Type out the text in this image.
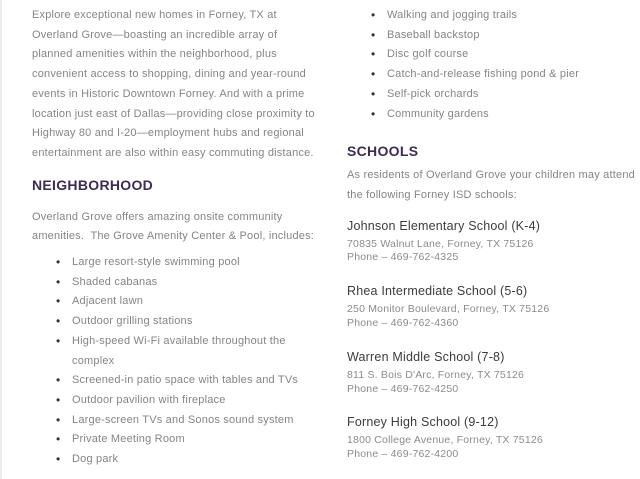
Explore exceptional new homes in Forney, TX at Overland Grove—boasting an incredible array of planned amenities within the neighborhood, plus convenient access to shopping, dining and year-round events in Historic Downtown Forney. And with a prime location just east of Dallas—providing close proximity to Highway 80 and I-20—employment hubs and regional entertainment are also within easy commuting distance.

NEIGHBORHOOD

Overland Grove offers amazing onsite community amenities.  The Grove Amenity Center & Pool, includes:

• Large resort-style swimming pool
• Shaded cabanas
• Adjacent lawn
• Outdoor grilling stations
• High-speed Wi-Fi available throughout the complex
• Screened-in patio space with tables and TVs
• Outdoor pavilion with fireplace
• Large-screen TVs and Sonos sound system
• Private Meeting Room
• Dog park
• Walking and jogging trails
• Baseball backstop
• Disc golf course
• Catch-and-release fishing pond & pier
• Self-pick orchards
• Community gardens
SCHOOLS

As residents of Overland Grove your children may attend the following Forney ISD schools:

Johnson Elementary School (K-4)

70835 Walnut Lane, Forney, TX 75126

Phone – 469-762-4325

Rhea Intermediate School (5-6)

250 Monitor Boulevard, Forney, TX 75126

Phone – 469-762-4360

Warren Middle School (7-8)

811 S. Bois D'Arc, Forney, TX 75126

Phone – 469-762-4250

Forney High School (9-12)

1800 College Avenue, Forney, TX 75126

Phone – 469-762-4200
